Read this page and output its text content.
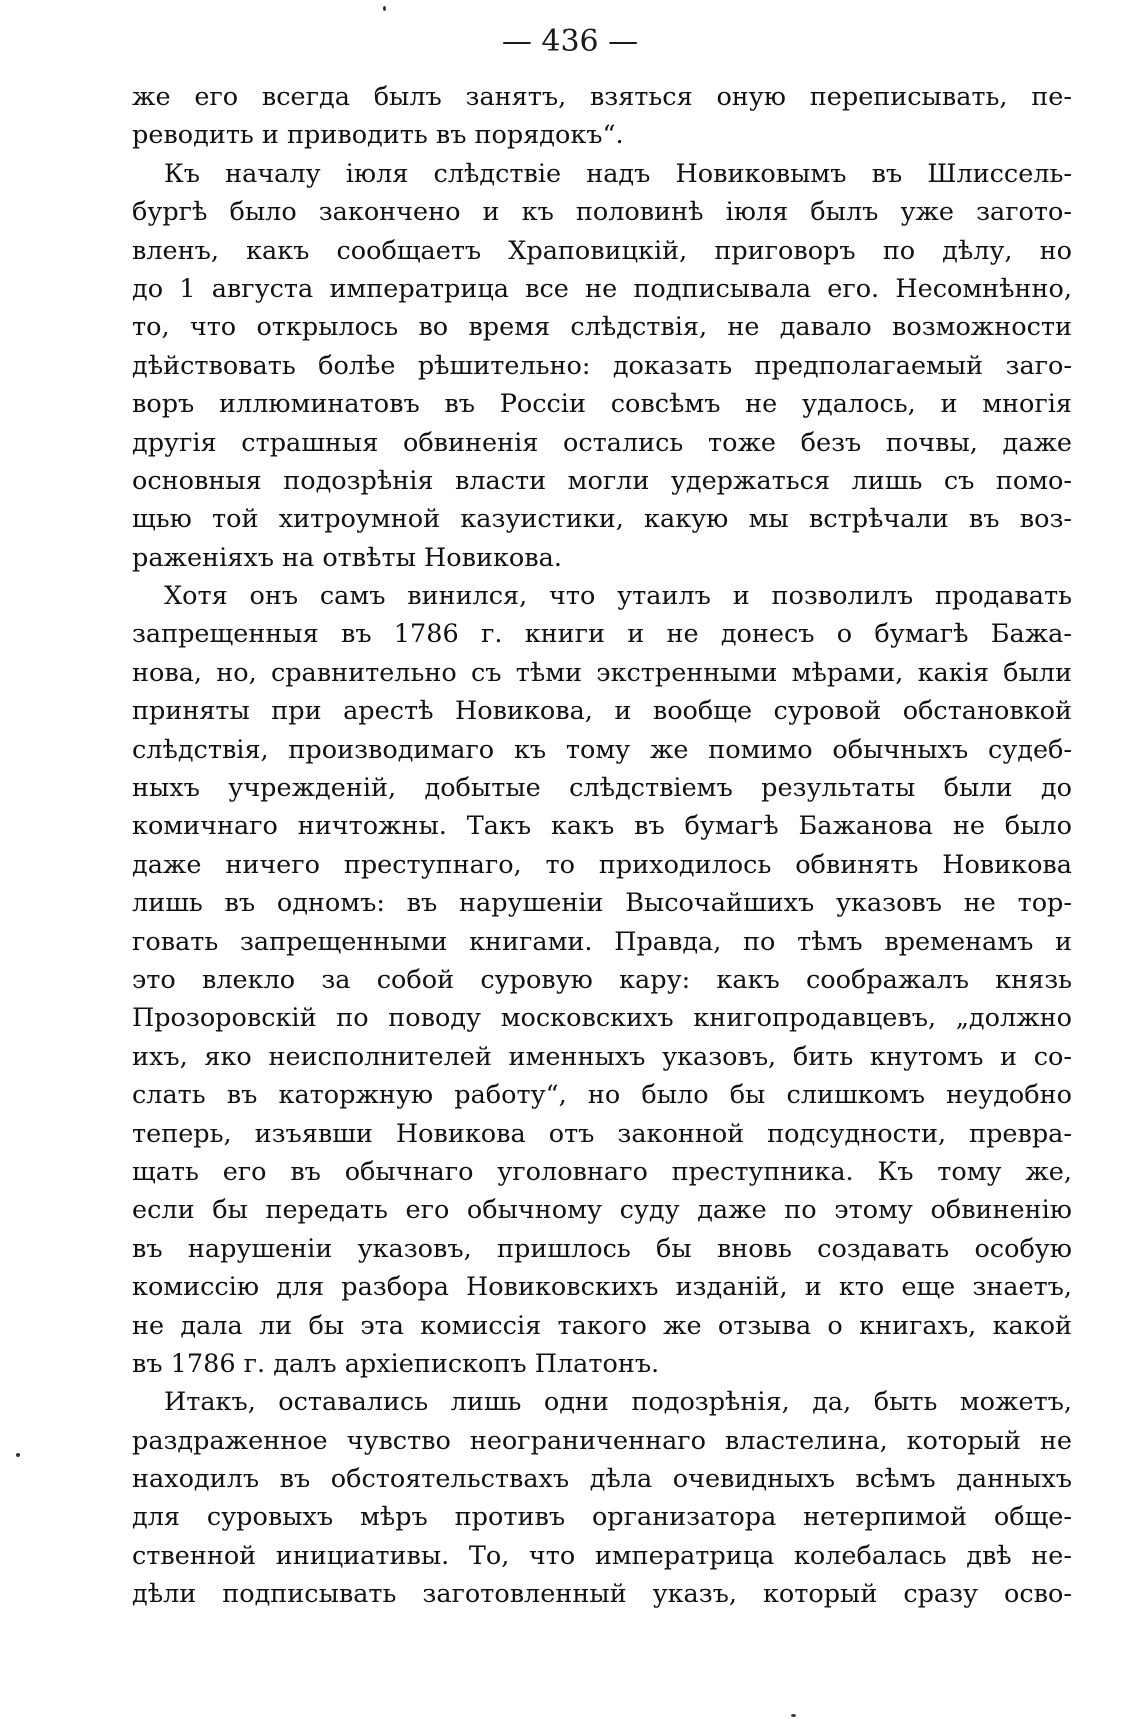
— 436 —
же его всегда былъ занятъ, взяться оную переписывать, пе-
реводить и приводить въ порядокъ“.
Къ началу іюля слѣдствіе надъ Новиковымъ въ Шлиссель-
бургѣ было закончено и къ половинѣ іюля былъ уже загото-
вленъ, какъ сообщаетъ Храповицкій, приговоръ по дѣлу, но
до 1 августа императрица все не подписывала его. Несомнѣнно,
то, что открылось во время слѣдствія, не давало возможности
дѣйствовать болѣе рѣшительно: доказать предполагаемый заго-
воръ иллюминатовъ въ Россіи совсѣмъ не удалось, и многія
другія страшныя обвиненія остались тоже безъ почвы, даже
основныя подозрѣнія власти могли удержаться лишь съ помо-
щью той хитроумной казуистики, какую мы встрѣчали въ воз-
раженіяхъ на отвѣты Новикова.
Хотя онъ самъ винился, что утаилъ и позволилъ продавать
запрещенныя въ 1786 г. книги и не донесъ о бумагѣ Бажа-
нова, но, сравнительно съ тѣми экстренными мѣрами, какія были
приняты при арестѣ Новикова, и вообще суровой обстановкой
слѣдствія, производимаго къ тому же помимо обычныхъ судеб-
ныхъ учрежденій, добытые слѣдствіемъ результаты были до
комичнаго ничтожны. Такъ какъ въ бумагѣ Бажанова не было
даже ничего преступнаго, то приходилось обвинять Новикова
лишь въ одномъ: въ нарушеніи Высочайшихъ указовъ не тор-
говать запрещенными книгами. Правда, по тѣмъ временамъ и
это влекло за собой суровую кару: какъ соображалъ князь
Прозоровскій по поводу московскихъ книгопродавцевъ, „должно
ихъ, яко неисполнителей именныхъ указовъ, бить кнутомъ и со-
слать въ каторжную работу“, но было бы слишкомъ неудобно
теперь, изъявши Новикова отъ законной подсудности, превра-
щать его въ обычнаго уголовнаго преступника. Къ тому же,
если бы передать его обычному суду даже по этому обвиненію
въ нарушеніи указовъ, пришлось бы вновь создавать особую
комиссію для разбора Новиковскихъ изданій, и кто еще знаетъ,
не дала ли бы эта комиссія такого же отзыва о книгахъ, какой
въ 1786 г. далъ архіепископъ Платонъ.
Итакъ, оставались лишь одни подозрѣнія, да, быть можетъ,
раздраженное чувство неограниченнаго властелина, который не
находилъ въ обстоятельствахъ дѣла очевидныхъ всѣмъ данныхъ
для суровыхъ мѣръ противъ организатора нетерпимой обще-
ственной инициативы. То, что императрица колебалась двѣ не-
дѣли подписывать заготовленный указъ, который сразу осво-
